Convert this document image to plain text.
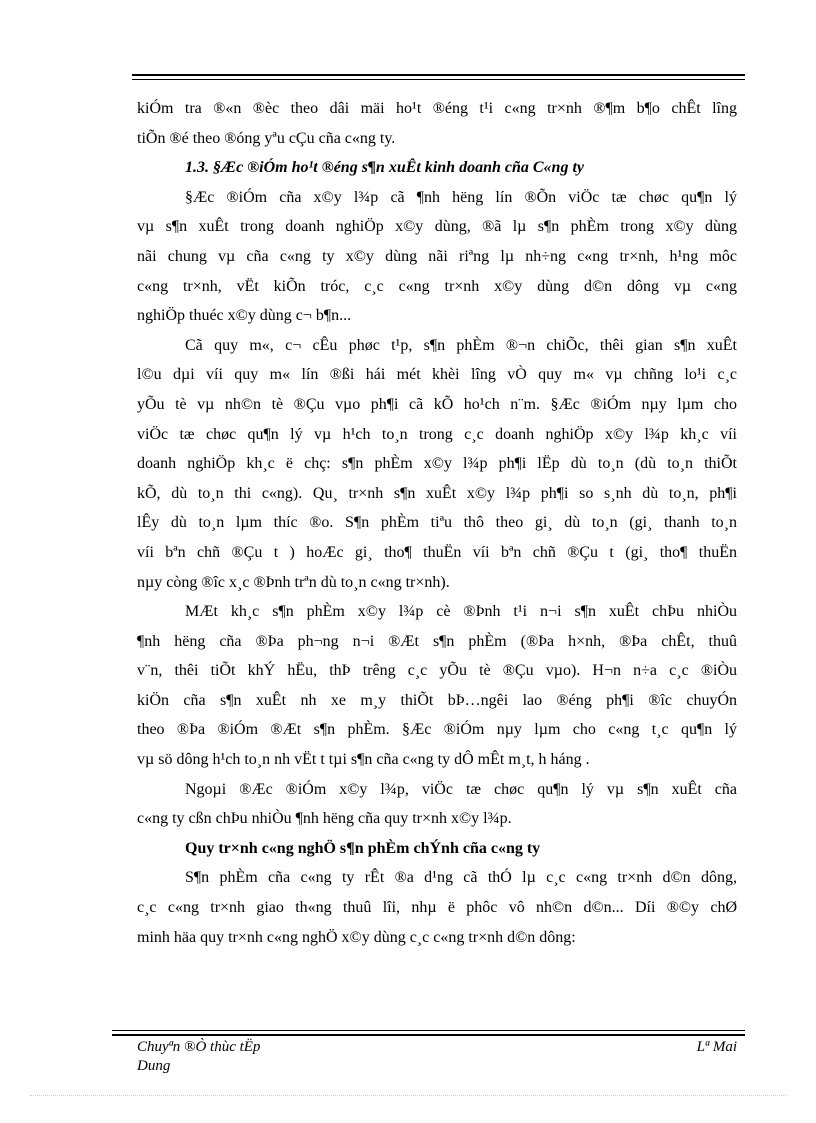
kiÓm tra ®«n ®èc theo dâi mäi ho¹t ®éng t¹i c«ng tr×nh ®¶m b¶o chÊt lîng
tiÕn ®é theo ®óng yªu cÇu cña c«ng ty.
1.3. §Æc ®iÓm ho¹t ®éng s¶n xuÊt kinh doanh cña C«ng ty
§Æc ®iÓm cña x©y l¾p cã ¶nh hëng lín ®Õn viÖc tæ chøc qu¶n lý
vµ s¶n xuÊt trong doanh nghiÖp x©y dùng, ®ã lµ s¶n phÈm trong x©y dùng
nãi chung vµ cña c«ng ty x©y dùng nãi riªng lµ nh÷ng c«ng tr×nh, h¹ng môc
c«ng tr×nh, vËt kiÕn tróc, c¸c c«ng tr×nh x©y dùng d©n dông vµ c«ng
nghiÖp thuéc x©y dùng c¬ b¶n...
Cã quy m«, c¬ cÊu phøc t¹p, s¶n phÈm ®¬n chiÕc, thêi gian s¶n xuÊt
l©u dµi víi quy m« lín ®ßi hái mét khèi lîng vÒ quy m« vµ chñng lo¹i c¸c
yÕu tè vµ nh©n tè ®Çu vµo ph¶i cã kÕ ho¹ch n¨m. §Æc ®iÓm nµy lµm cho
viÖc tæ chøc qu¶n lý vµ h¹ch to¸n trong c¸c doanh nghiÖp x©y l¾p kh¸c víi
doanh nghiÖp kh¸c ë chç: s¶n phÈm x©y l¾p ph¶i lËp dù to¸n (dù to¸n thiÕt
kÕ, dù to¸n thi c«ng). Qu¸ tr×nh s¶n xuÊt x©y l¾p ph¶i so s¸nh dù to¸n, ph¶i
lÊy dù to¸n lµm thíc ®o. S¶n phÈm tiªu thô theo gi¸ dù to¸n (gi¸ thanh to¸n
víi bªn chñ ®Çu t ) hoÆc gi¸ tho¶ thuËn víi bªn chñ ®Çu t (gi¸ tho¶ thuËn
nµy còng ®îc x¸c ®Þnh trªn dù to¸n c«ng tr×nh).
MÆt kh¸c s¶n phÈm x©y l¾p cè ®Þnh t¹i n¬i s¶n xuÊt chÞu nhiÒu
¶nh hëng cña ®Þa ph¬ng n¬i ®Æt s¶n phÈm (®Þa h×nh, ®Þa chÊt, thuû
v¨n, thêi tiÕt khÝ hËu, thÞ trêng c¸c yÕu tè ®Çu vµo). H¬n n÷a c¸c ®iÒu
kiÖn cña s¶n xuÊt nh xe m¸y thiÕt bÞ…ngêi lao ®éng ph¶i ®îc chuyÓn
theo ®Þa ®iÓm ®Æt s¶n phÈm. §Æc ®iÓm nµy lµm cho c«ng t¸c qu¶n lý
vµ sö dông h¹ch to¸n nh vËt t tµi s¶n cña c«ng ty dÔ mÊt m¸t, h háng .
Ngoµi ®Æc ®iÓm x©y l¾p, viÖc tæ chøc qu¶n lý vµ s¶n xuÊt cña
c«ng ty cßn chÞu nhiÒu ¶nh hëng cña quy tr×nh x©y l¾p.
Quy tr×nh c«ng nghÖ s¶n phÈm chÝnh cña c«ng ty
S¶n phÈm cña c«ng ty rÊt ®a d¹ng cã thÓ lµ c¸c c«ng tr×nh d©n dông,
c¸c c«ng tr×nh giao th«ng thuû lîi, nhµ ë phôc vô nh©n d©n... Díi ®©y chØ
minh häa quy tr×nh c«ng nghÖ x©y dùng c¸c c«ng tr×nh d©n dông:
Chuyªn ®Ò thùc tËp
Dung
Lª Mai
